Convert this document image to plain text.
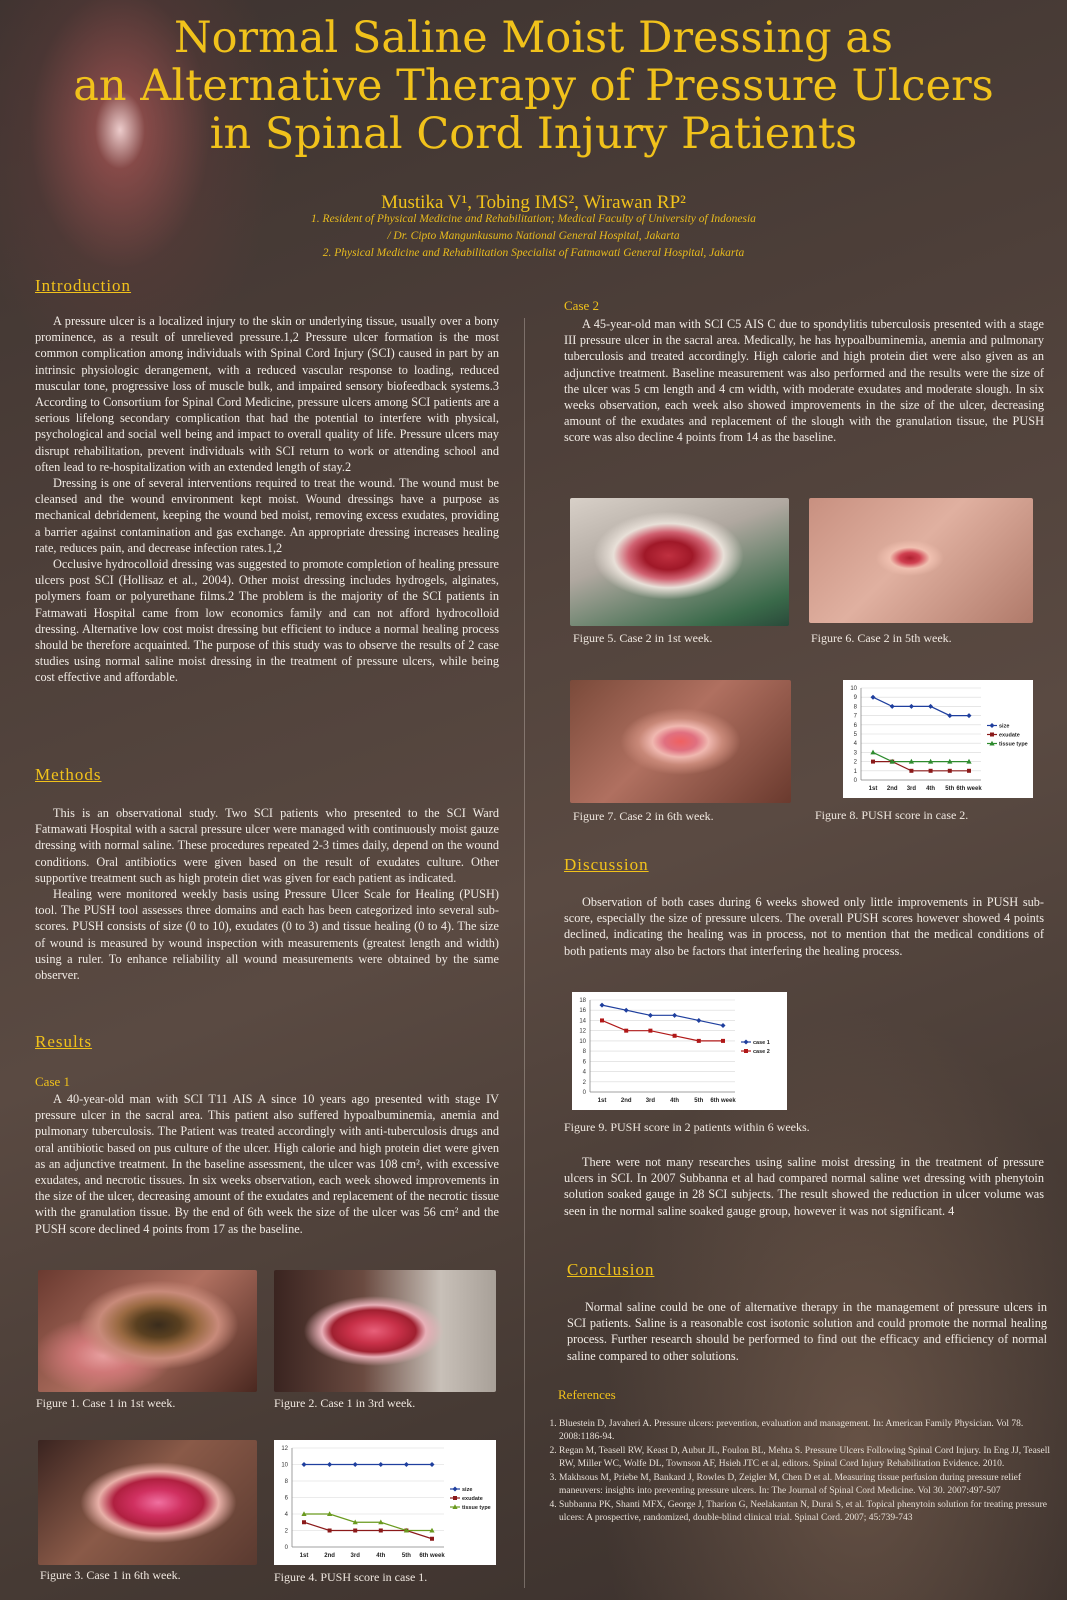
Normal Saline Moist Dressing as
an Alternative Therapy of Pressure Ulcers
in Spinal Cord Injury Patients
Mustika V¹, Tobing IMS², Wirawan RP²
1. Resident of Physical Medicine and Rehabilitation; Medical Faculty of University of Indonesia
/ Dr. Cipto Mangunkusumo National General Hospital, Jakarta
2. Physical Medicine and Rehabilitation Specialist of Fatmawati General Hospital, Jakarta
Introduction

A pressure ulcer is a localized injury to the skin or underlying tissue, usually over a bony prominence, as a result of unrelieved pressure.1,2 Pressure ulcer formation is the most common complication among individuals with Spinal Cord Injury (SCI) caused in part by an intrinsic physiologic derangement, with a reduced vascular response to loading, reduced muscular tone, progressive loss of muscle bulk, and impaired sensory biofeedback systems.3 According to Consortium for Spinal Cord Medicine, pressure ulcers among SCI patients are a serious lifelong secondary complication that had the potential to interfere with physical, psychological and social well being and impact to overall quality of life. Pressure ulcers may disrupt rehabilitation, prevent individuals with SCI return to work or attending school and often lead to re-hospitalization with an extended length of stay.2

Dressing is one of several interventions required to treat the wound. The wound must be cleansed and the wound environment kept moist. Wound dressings have a purpose as mechanical debridement, keeping the wound bed moist, removing excess exudates, providing a barrier against contamination and gas exchange. An appropriate dressing increases healing rate, reduces pain, and decrease infection rates.1,2

Occlusive hydrocolloid dressing was suggested to promote completion of healing pressure ulcers post SCI (Hollisaz et al., 2004). Other moist dressing includes hydrogels, alginates, polymers foam or polyurethane films.2 The problem is the majority of the SCI patients in Fatmawati Hospital came from low economics family and can not afford hydrocolloid dressing. Alternative low cost moist dressing but efficient to induce a normal healing process should be therefore acquainted. The purpose of this study was to observe the results of 2 case studies using normal saline moist dressing in the treatment of pressure ulcers, while being cost effective and affordable.

Methods

This is an observational study. Two SCI patients who presented to the SCI Ward Fatmawati Hospital with a sacral pressure ulcer were managed with continuously moist gauze dressing with normal saline. These procedures repeated 2-3 times daily, depend on the wound conditions. Oral antibiotics were given based on the result of exudates culture. Other supportive treatment such as high protein diet was given for each patient as indicated.

Healing were monitored weekly basis using Pressure Ulcer Scale for Healing (PUSH) tool. The PUSH tool assesses three domains and each has been categorized into several sub-scores. PUSH consists of size (0 to 10), exudates (0 to 3) and tissue healing (0 to 4). The size of wound is measured by wound inspection with measurements (greatest length and width) using a ruler. To enhance reliability all wound measurements were obtained by the same observer.

Results
Case 1

A 40-year-old man with SCI T11 AIS A since 10 years ago presented with stage IV pressure ulcer in the sacral area. This patient also suffered hypoalbuminemia, anemia and pulmonary tuberculosis. The Patient was treated accordingly with anti-tuberculosis drugs and oral antibiotic based on pus culture of the ulcer. High calorie and high protein diet were given as an adjunctive treatment. In the baseline assessment, the ulcer was 108 cm², with excessive exudates, and necrotic tissues. In six weeks observation, each week showed improvements in the size of the ulcer, decreasing amount of the exudates and replacement of the necrotic tissue with the granulation tissue. By the end of 6th week the size of the ulcer was 56 cm² and the PUSH score declined 4 points from 17 as the baseline.

Figure 1. Case 1 in 1st week.	Figure 2. Case 1 in 3rd week.
Figure 3. Case 1 in 6th week.
0
2
4
6
8
10
12
1st	2nd	3rd	4th	5th 6th week
size
exudate
tissue type
Figure 4. PUSH score in case 1.
Case 2

A 45-year-old man with SCI C5 AIS C due to spondylitis tuberculosis presented with a stage III pressure ulcer in the sacral area. Medically, he has hypoalbuminemia, anemia and pulmonary tuberculosis and treated accordingly. High calorie and high protein diet were also given as an adjunctive treatment. Baseline measurement was also performed and the results were the size of the ulcer was 5 cm length and 4 cm width, with moderate exudates and moderate slough. In six weeks observation, each week also showed improvements in the size of the ulcer, decreasing amount of the exudates and replacement of the slough with the granulation tissue, the PUSH score was also decline 4 points from 14 as the baseline.

Figure 5. Case 2 in 1st week.	Figure 6. Case 2 in 5th week.
Figure 7. Case 2 in 6th week.
0
1
2
3
4
5
6
7
8
9
10
1st 2nd 3rd 4th 5th 6th week
size
exudate
tissue type
Figure 8. PUSH score in case 2.
Discussion

Observation of both cases during 6 weeks showed only little improvements in PUSH sub-score, especially the size of pressure ulcers. The overall PUSH scores however showed 4 points declined, indicating the healing was in process, not to mention that the medical conditions of both patients may also be factors that interfering the healing process.

0
2
4
6
8
10
12
14
16
18
1st 2nd 3rd	4th	5th 6th week
case 1
case 2
Figure 9. PUSH score in 2 patients within 6 weeks.

There were not many researches using saline moist dressing in the treatment of pressure ulcers in SCI. In 2007 Subbanna et al had compared normal saline wet dressing with phenytoin solution soaked gauge in 28 SCI subjects. The result showed the reduction in ulcer volume was seen in the normal saline soaked gauge group, however it was not significant. 4

Conclusion

Normal saline could be one of alternative therapy in the management of pressure ulcers in SCI patients. Saline is a reasonable cost isotonic solution and could promote the normal healing process. Further research should be performed to find out the efficacy and efficiency of normal saline compared to other solutions.

References
1. Bluestein D, Javaheri A. Pressure ulcers: prevention, evaluation and management. In: American Family Physician. Vol 78. 2008:1186-94.
2. Regan M, Teasell RW, Keast D, Aubut JL, Foulon BL, Mehta S. Pressure Ulcers Following Spinal Cord Injury. In Eng JJ, Teasell RW, Miller WC, Wolfe DL, Townson AF, Hsieh JTC et al, editors. Spinal Cord Injury Rehabilitation Evidence. 2010.
3. Makhsous M, Priebe M, Bankard J, Rowles D, Zeigler M, Chen D et al. Measuring tissue perfusion during pressure relief maneuvers: insights into preventing pressure ulcers. In: The Journal of Spinal Cord Medicine. Vol 30. 2007:497-507
4. Subbanna PK, Shanti MFX, George J, Tharion G, Neelakantan N, Durai S, et al. Topical phenytoin solution for treating pressure ulcers: A prospective, randomized, double-blind clinical trial. Spinal Cord. 2007; 45:739-743
